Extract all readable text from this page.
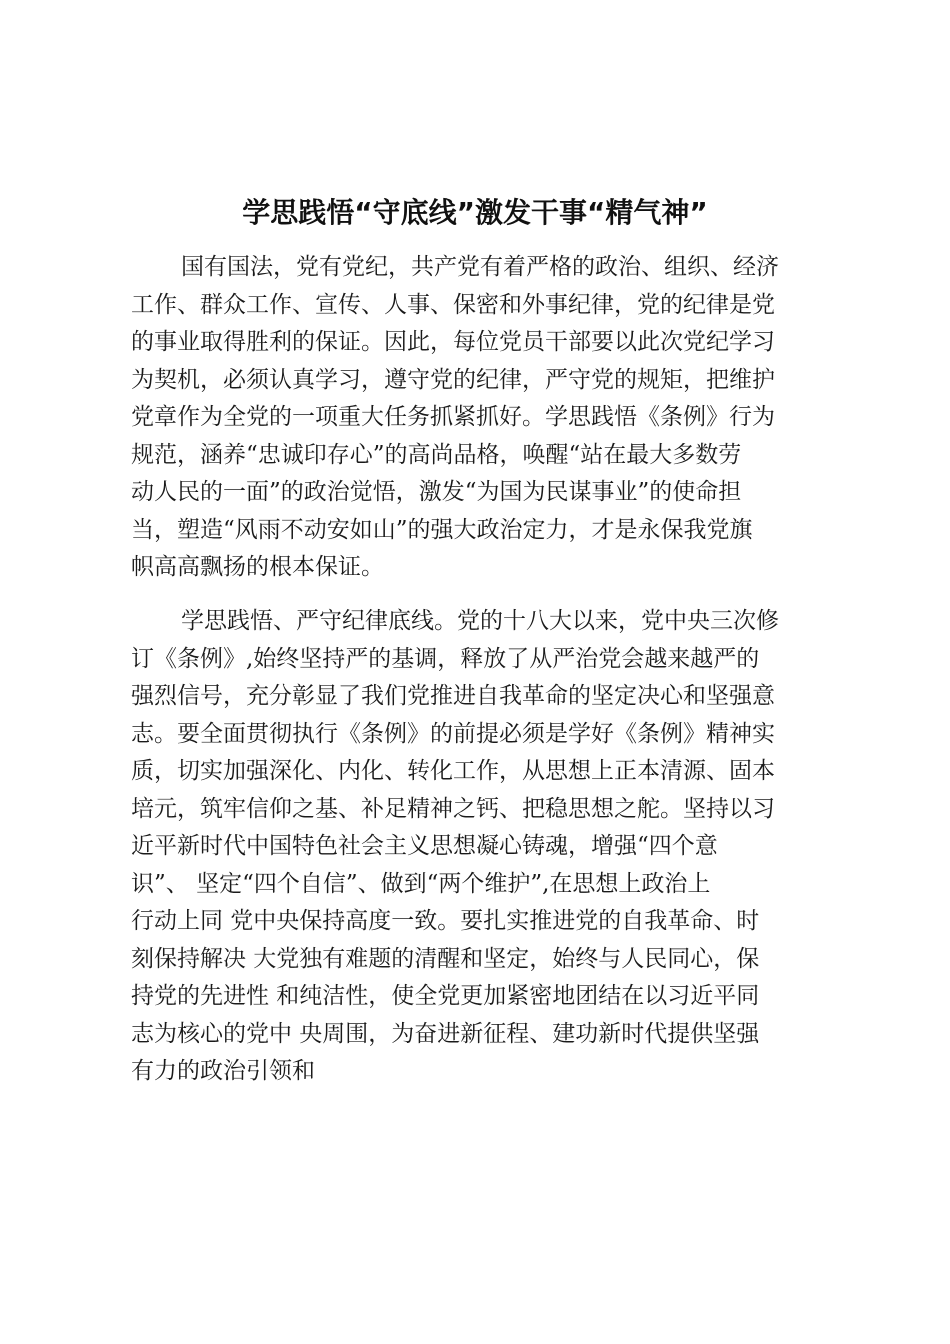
学思践悟“守底线”激发干事“精气神”
国有国法，党有党纪，共产党有着严格的政治、组织、经济
工作、群众工作、宣传、人事、保密和外事纪律，党的纪律是党
的事业取得胜利的保证。因此，每位党员干部要以此次党纪学习
为契机，必须认真学习，遵守党的纪律，严守党的规矩，把维护
党章作为全党的一项重大任务抓紧抓好。学思践悟《条例》行为
规范，涵养“忠诚印存心”的高尚品格，唤醒“站在最大多数劳
动人民的一面”的政治觉悟，激发“为国为民谋事业”的使命担
当，塑造“风雨不动安如山”的强大政治定力，才是永保我党旗
帜高高飘扬的根本保证。
学思践悟、严守纪律底线。党的十八大以来，党中央三次修
订《条例》,始终坚持严的基调，释放了从严治党会越来越严的
强烈信号，充分彰显了我们党推进自我革命的坚定决心和坚强意
志。要全面贯彻执行《条例》的前提必须是学好《条例》精神实
质，切实加强深化、内化、转化工作，从思想上正本清源、固本
培元，筑牢信仰之基、补足精神之钙、把稳思想之舵。坚持以习
近平新时代中国特色社会主义思想凝心铸魂，增强“四个意
识”、 坚定“四个自信”、做到“两个维护”,在思想上政治上
行动上同 党中央保持高度一致。要扎实推进党的自我革命、时
刻保持解决 大党独有难题的清醒和坚定，始终与人民同心，保
持党的先进性 和纯洁性，使全党更加紧密地团结在以习近平同
志为核心的党中 央周围，为奋进新征程、建功新时代提供坚强
有力的政治引领和
